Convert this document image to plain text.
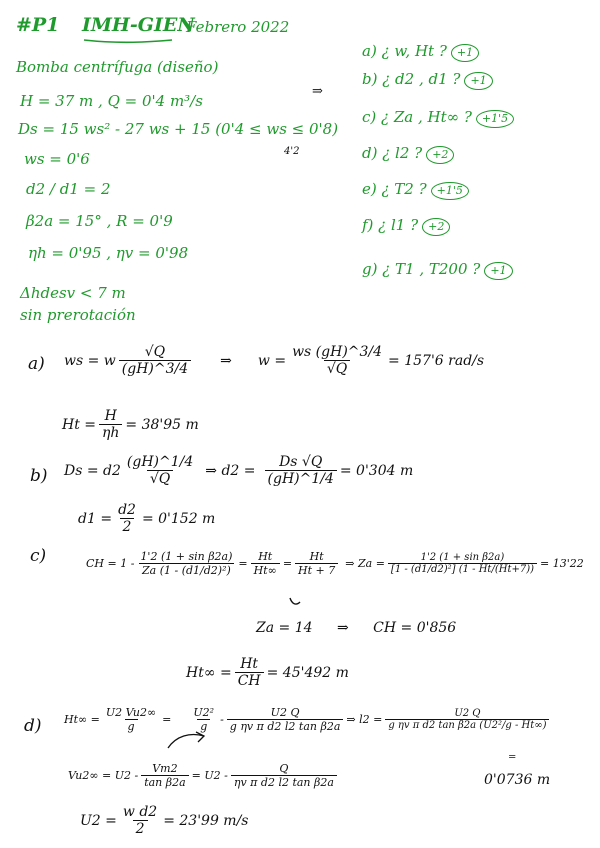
#P1 IMH-GIEN
Febrero 2022
Bomba centrífuga (diseño)
H = 37 m , Q = 0'4 m³/s
Ds = 15 ws² - 27 ws + 15 (0'4 ≤ ws ≤ 0'8)
ws = 0'6
d2 / d1 = 2
β2a = 15° , R = 0'9
ηh = 0'95 , ηv = 0'98
Δhdesv < 7 m
sin prerotación
4'2
⇒
a) ¿ w, Ht ? +1
b) ¿ d2 , d1 ? +1
c) ¿ Za , Ht∞ ? +1'5
d) ¿ l2 ? +2
e) ¿ T2 ? +1'5
f) ¿ l1 ? +2
g) ¿ T1 , T200 ? +1
a) ws = w $\frac{√Q}{(gH)\^{}3/4}$ ⇒ $w = \frac{ws (gH)\^{}3/4}{√Q} = 157'6$ rad/s
$Ht = \frac{H}{\eta h} = 38'95$ m
b) $Ds = d2 \frac{(gH)\^{}1/4}{√Q}$ ⇒ $d2 = \frac{Ds √Q}{(gH)\^{}1/4} = 0'304$ m
$d1 = \frac{d2}{2} = 0'152$ m
c)	CH = $1 - \frac{\text{1'2 (1 + sin β2a)}}{\text{Za (1 - (d1/d2)²)}} = \frac{Ht}{Ht\infty} = \frac{Ht}{Ht + 7}$ ⇒ $Za = \frac{\text{1'2 (1 + sin β2a)}}{\text{[1 - (d1/d2)²] (1 - Ht/(Ht+7))}} = 13'22$
Za = 14 ⇒ CH = 0'856
$Ht\infty = \frac{Ht}{CH} = 45'492$ m
d) $Ht\infty = \frac{U2 Vu2\infty}{g} = \frac{\text{U2²}}{g} - \frac{U2 Q}{\text{g ηv π d2 l2 tan β2a}}$ ⇒ $l2 = \frac{U2 Q}{\text{g ηv π d2 tan β2a (U2²/g - Ht∞)}}$
$Vu2\infty = U2 - \frac{Vm2}{\text{tan β2a}} = U2 - \frac{Q}{\text{ηv π d2 l2 tan β2a}}$
$U2 = \frac{\text{w d2}}{2} = 23'99$ m/s
=
0'0736 m
